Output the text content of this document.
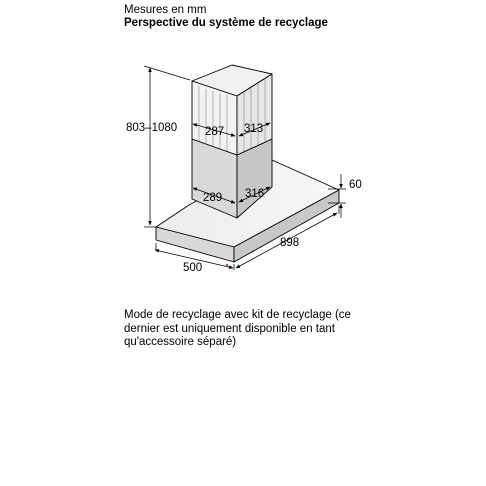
Mesures en mm
Perspective du système de recyclage
803–1080 287 313
289 316
60
898
500

Mode de recyclage avec kit de recyclage (ce dernier est uniquement disponible en tant qu'accessoire séparé)
